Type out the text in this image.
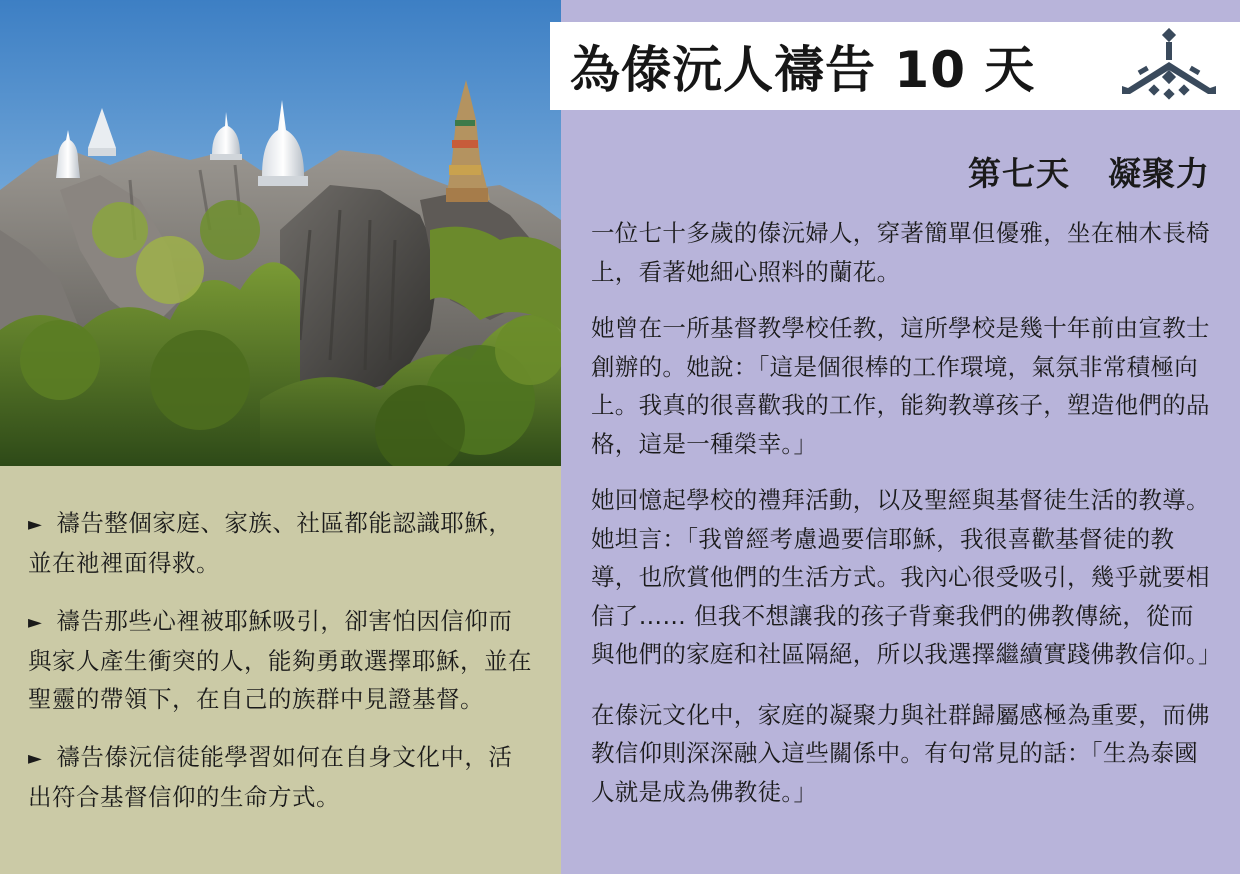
► 禱告整個家庭、家族、社區都能認識耶穌，並在祂裡面得救。

► 禱告那些心裡被耶穌吸引，卻害怕因信仰而與家人產生衝突的人，能夠勇敢選擇耶穌，並在聖靈的帶領下，在自己的族群中見證基督。

► 禱告傣沅信徒能學習如何在自身文化中，活出符合基督信仰的生命方式。

為傣沅人禱告 10 天
第七天 凝聚力

一位七十多歲的傣沅婦人，穿著簡單但優雅，坐在柚木長椅上，看著她細心照料的蘭花。

她曾在一所基督教學校任教，這所學校是幾十年前由宣教士創辦的。她說：「這是個很棒的工作環境，氣氛非常積極向上。我真的很喜歡我的工作，能夠教導孩子，塑造他們的品格，這是一種榮幸。」

她回憶起學校的禮拜活動，以及聖經與基督徒生活的教導。她坦言：「我曾經考慮過要信耶穌，我很喜歡基督徒的教導，也欣賞他們的生活方式。我內心很受吸引，幾乎就要相信了…… 但我不想讓我的孩子背棄我們的佛教傳統，從而與他們的家庭和社區隔絕，所以我選擇繼續實踐佛教信仰。」

在傣沅文化中，家庭的凝聚力與社群歸屬感極為重要，而佛教信仰則深深融入這些關係中。有句常見的話：「生為泰國人就是成為佛教徒。」
